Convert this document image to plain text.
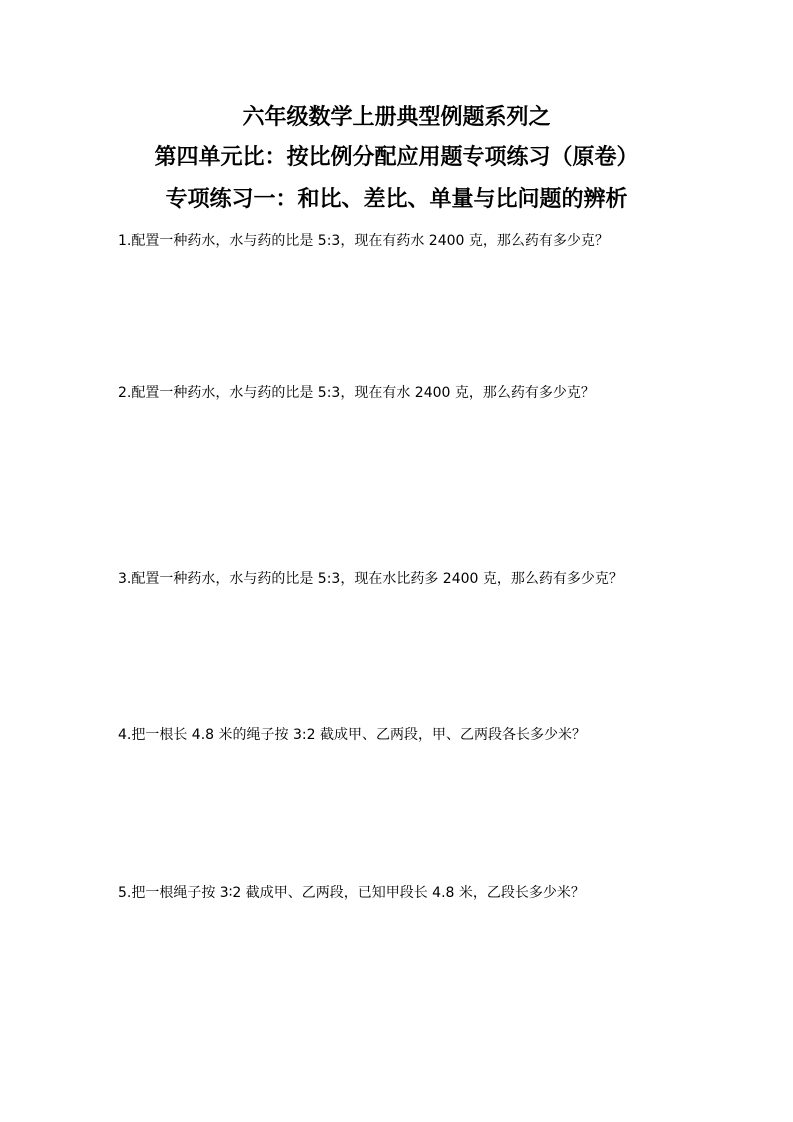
六年级数学上册典型例题系列之
第四单元比：按比例分配应用题专项练习（原卷）
专项练习一：和比、差比、单量与比问题的辨析
1.配置一种药水，水与药的比是 5:3，现在有药水 2400 克，那么药有多少克？
2.配置一种药水，水与药的比是 5:3，现在有水 2400 克，那么药有多少克？
3.配置一种药水，水与药的比是 5:3，现在水比药多 2400 克，那么药有多少克？
4.把一根长 4.8 米的绳子按 3:2 截成甲、乙两段，甲、乙两段各长多少米？
5.把一根绳子按 3∶2 截成甲、乙两段，已知甲段长 4.8 米，乙段长多少米？
